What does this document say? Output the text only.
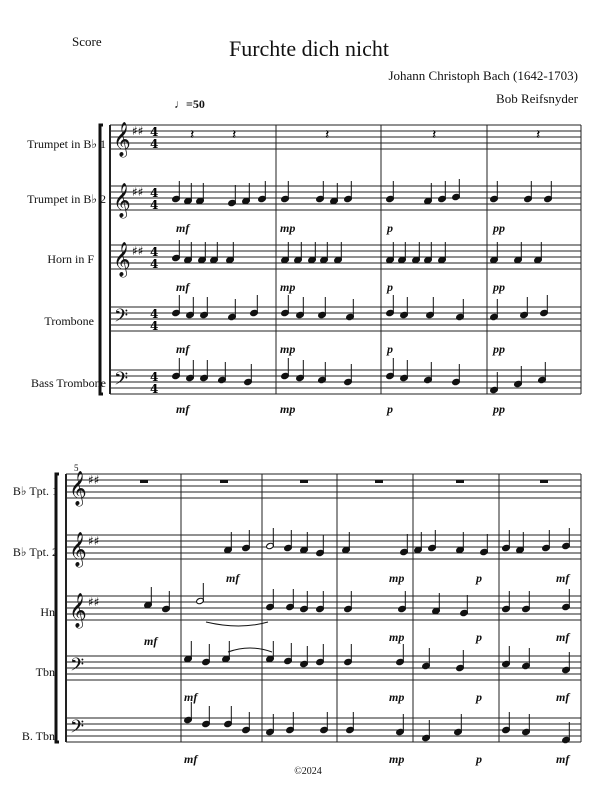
Score	Furchte dich nicht
Johann Christoph Bach (1642-1703)
Bob Reifsnyder
♩=50
Trumpet in B♭ 1
Trumpet in B♭ 2
Horn in F
Trombone
Bass Trombone
B♭ Tpt. 1
B♭ Tpt. 2
Hn.
Tbn.
B. Tbn.
5
mf	mp	p	pp
mf	mp	p	pp
mf	mp	p	pp
mf	mp	p	pp
mf	mp	p	mf
mf	mp	p	mf
mf	mp	p	mf
mf	mp	p	mf
©2024
𝄞 ♯♯ 4
4
𝄞 ♯♯ 4
4
𝄞 ♯♯ 4
4
𝄢 4
4
𝄢 4
4
𝄽	𝄽	𝄽	𝄽	𝄽
𝄞 ♯♯
𝄞 ♯♯
𝄞 ♯♯
𝄢
𝄢
